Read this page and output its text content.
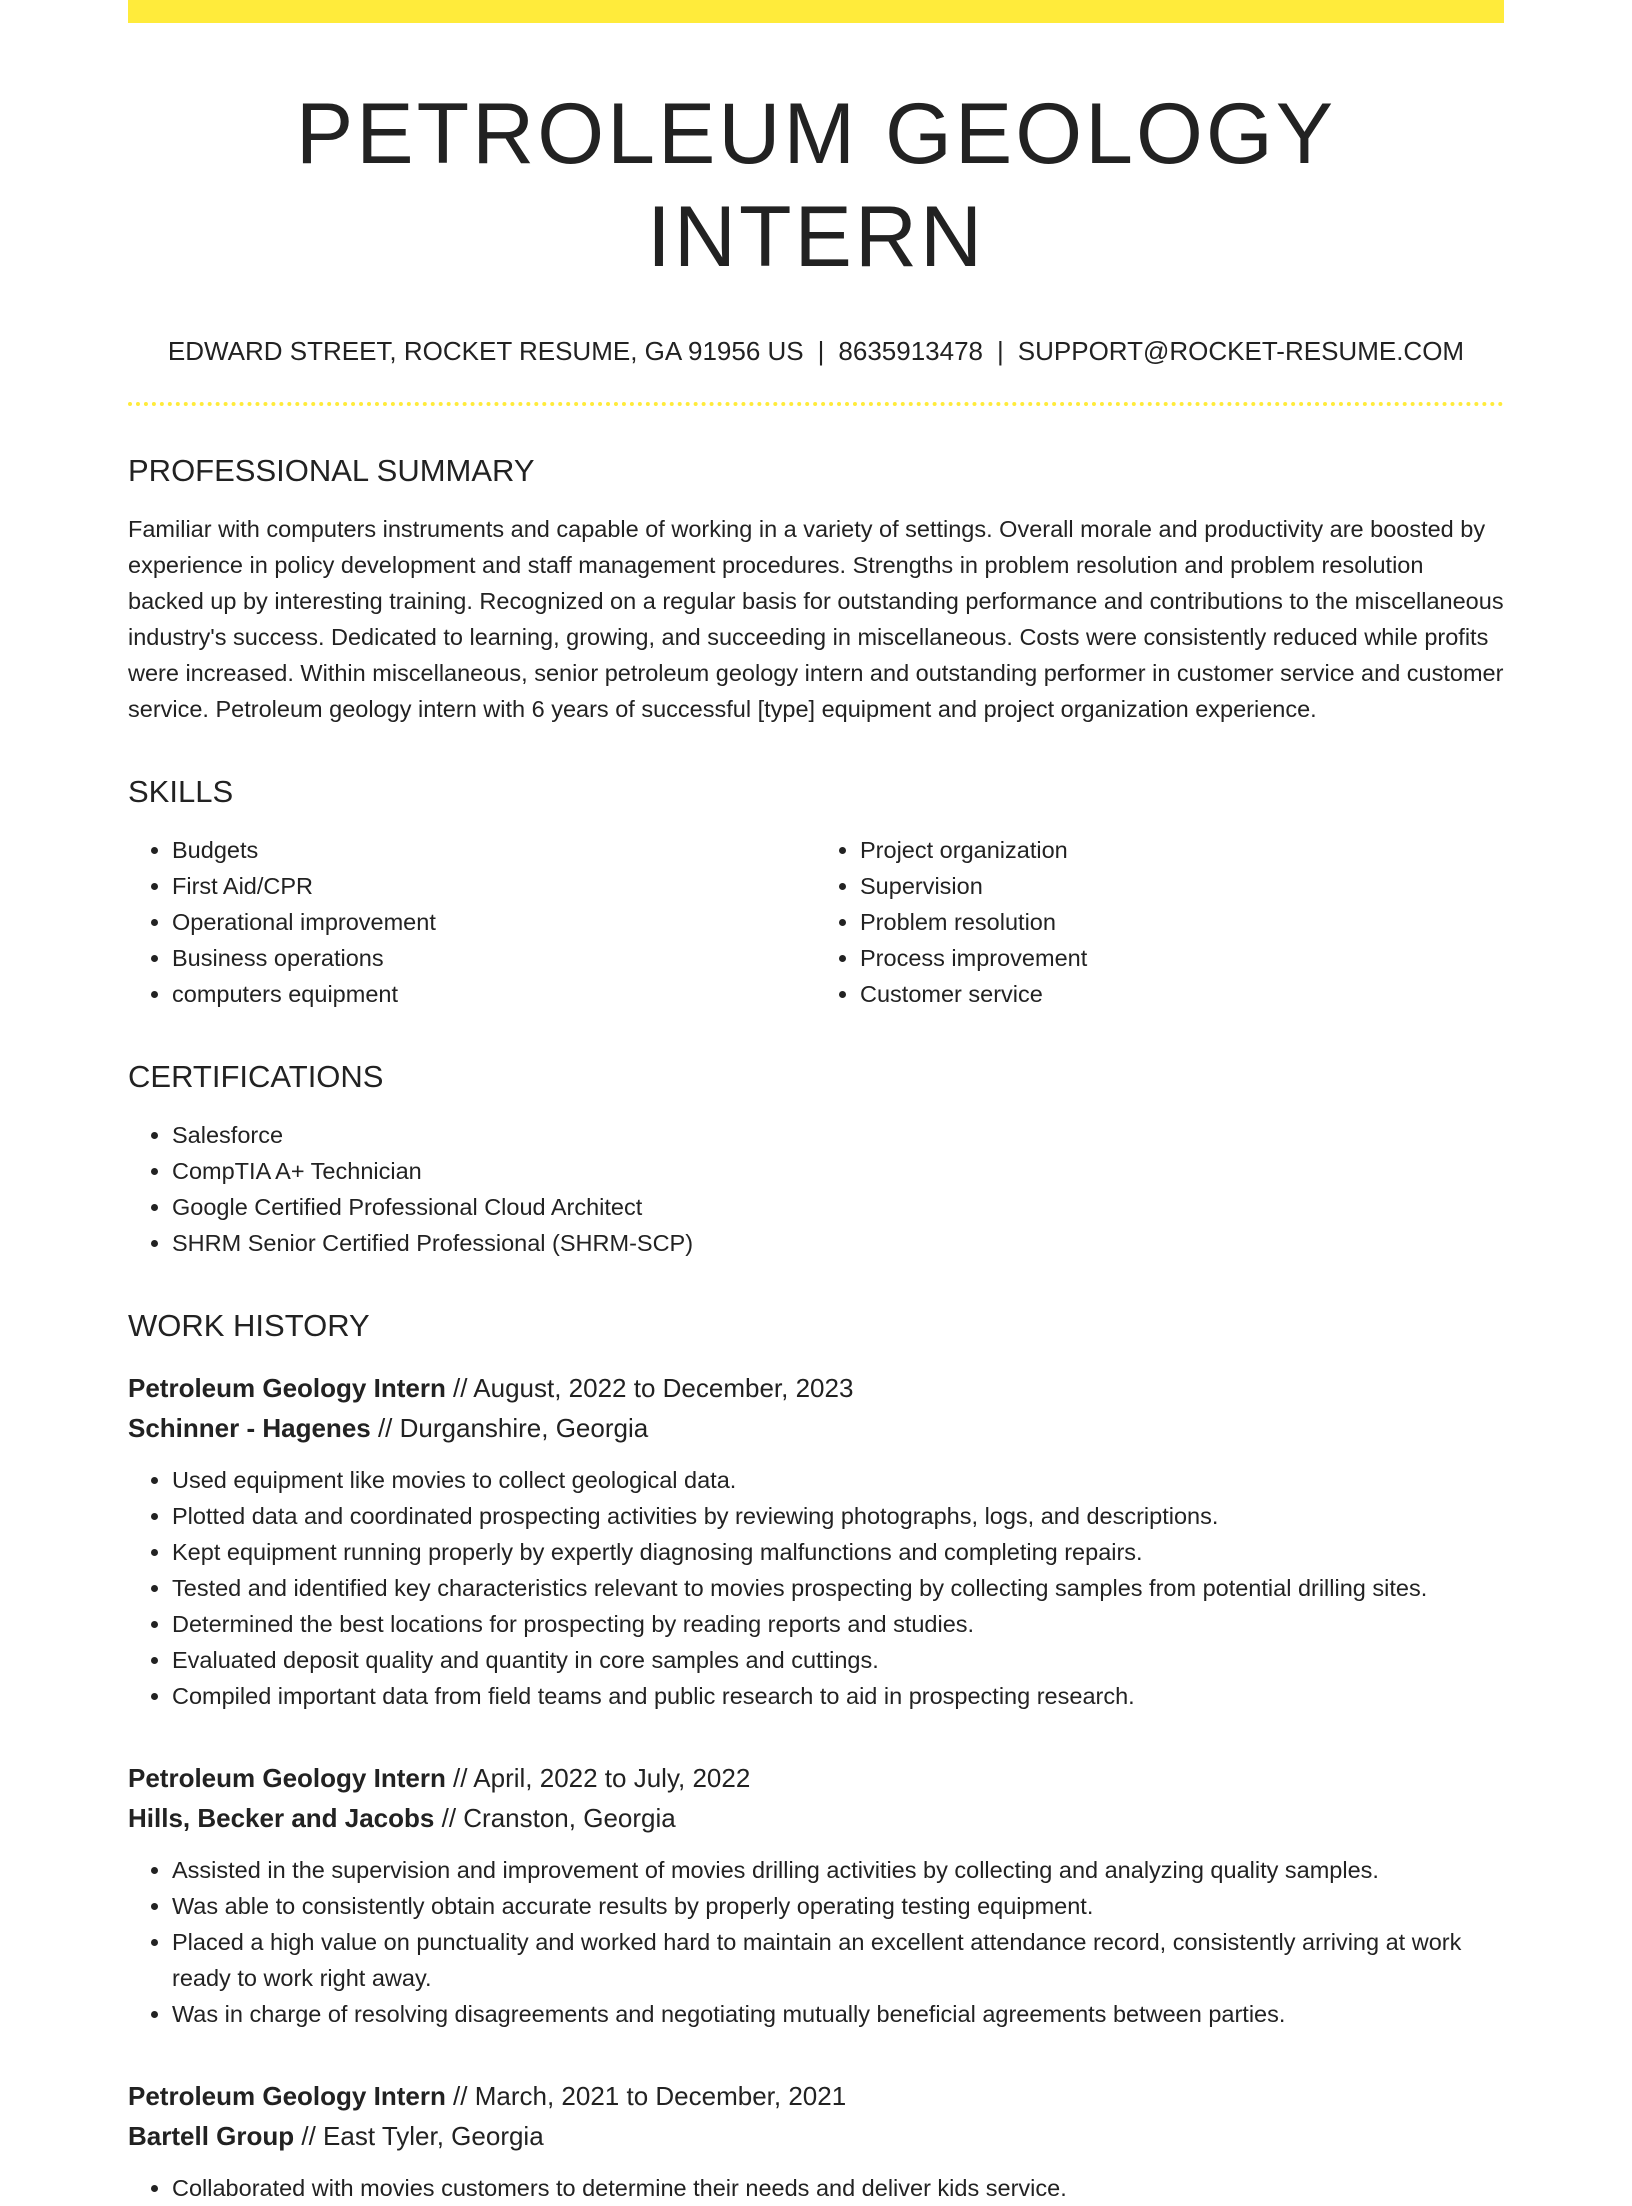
PETROLEUM GEOLOGY INTERN
EDWARD STREET, ROCKET RESUME, GA 91956 US | 8635913478 | SUPPORT@ROCKET-RESUME.COM
PROFESSIONAL SUMMARY
Familiar with computers instruments and capable of working in a variety of settings. Overall morale and productivity are boosted by experience in policy development and staff management procedures. Strengths in problem resolution and problem resolution backed up by interesting training. Recognized on a regular basis for outstanding performance and contributions to the miscellaneous industry's success. Dedicated to learning, growing, and succeeding in miscellaneous. Costs were consistently reduced while profits were increased. Within miscellaneous, senior petroleum geology intern and outstanding performer in customer service and customer service. Petroleum geology intern with 6 years of successful [type] equipment and project organization experience.
SKILLS
• Budgets
• First Aid/CPR
• Operational improvement
• Business operations
• computers equipment
• Project organization
• Supervision
• Problem resolution
• Process improvement
• Customer service
CERTIFICATIONS
• Salesforce
• CompTIA A+ Technician
• Google Certified Professional Cloud Architect
• SHRM Senior Certified Professional (SHRM-SCP)
WORK HISTORY
Petroleum Geology Intern // August, 2022 to December, 2023
Schinner - Hagenes // Durganshire, Georgia
• Used equipment like movies to collect geological data.
• Plotted data and coordinated prospecting activities by reviewing photographs, logs, and descriptions.
• Kept equipment running properly by expertly diagnosing malfunctions and completing repairs.
• Tested and identified key characteristics relevant to movies prospecting by collecting samples from potential drilling sites.
• Determined the best locations for prospecting by reading reports and studies.
• Evaluated deposit quality and quantity in core samples and cuttings.
• Compiled important data from field teams and public research to aid in prospecting research.
Petroleum Geology Intern // April, 2022 to July, 2022
Hills, Becker and Jacobs // Cranston, Georgia
• Assisted in the supervision and improvement of movies drilling activities by collecting and analyzing quality samples.
• Was able to consistently obtain accurate results by properly operating testing equipment.
• Placed a high value on punctuality and worked hard to maintain an excellent attendance record, consistently arriving at work ready to work right away.
• Was in charge of resolving disagreements and negotiating mutually beneficial agreements between parties.
Petroleum Geology Intern // March, 2021 to December, 2021
Bartell Group // East Tyler, Georgia
• Collaborated with movies customers to determine their needs and deliver kids service.
